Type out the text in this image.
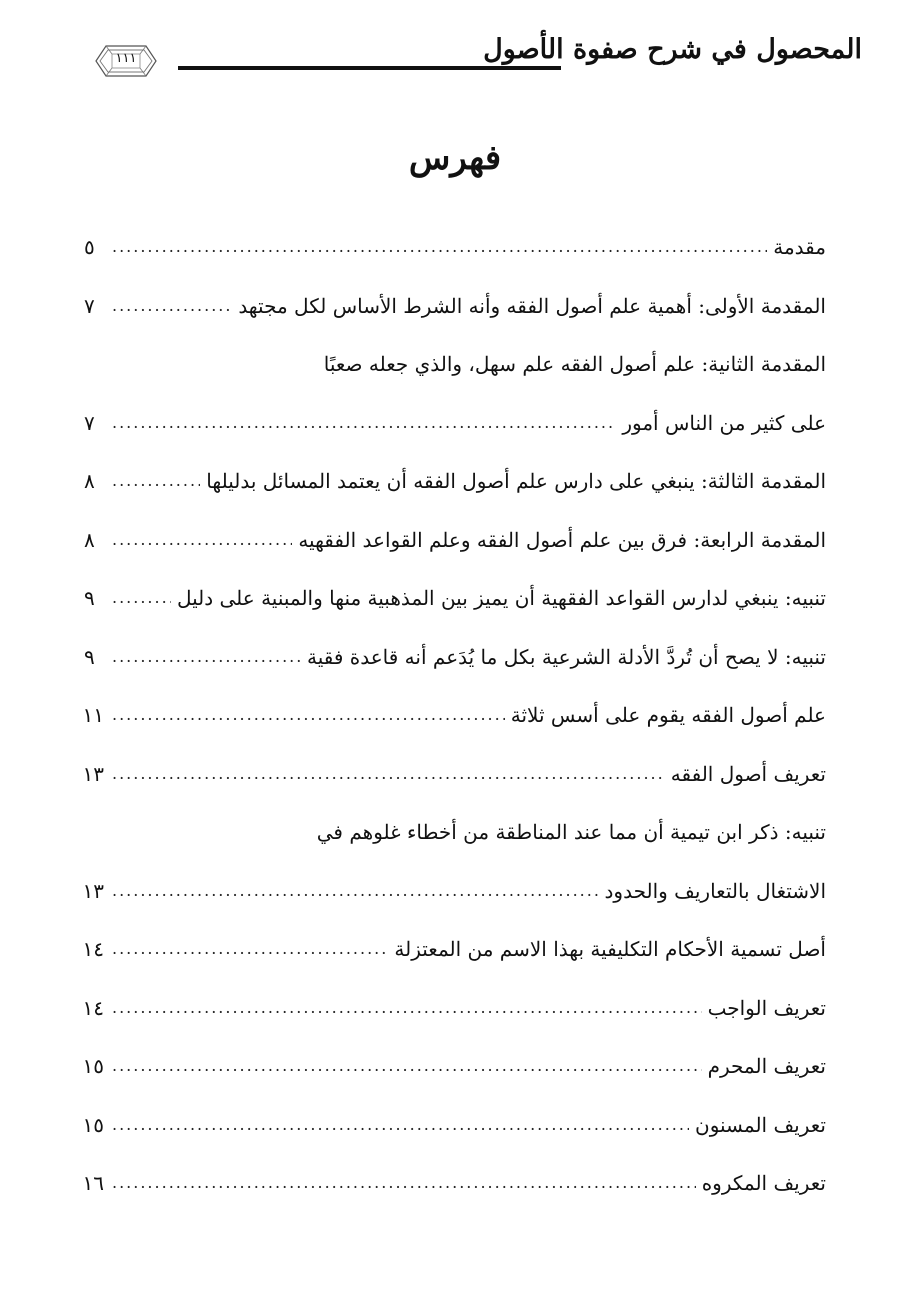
المحصول في شرح صفوة الأصول
١١١
فهرس
مقدمة
.....
٥
المقدمة الأولى: أهمية علم أصول الفقه وأنه الشرط الأساس لكل مجتهد
.....
٧
المقدمة الثانية: علم أصول الفقه علم سهل، والذي جعله صعبًا
على كثير من الناس أمور
.....
٧
المقدمة الثالثة: ينبغي على دارس علم أصول الفقه أن يعتمد المسائل بدليلها
.....
٨
المقدمة الرابعة: فرق بين علم أصول الفقه وعلم القواعد الفقهيه
.....
٨
تنبيه: ينبغي لدارس القواعد الفقهية أن يميز بين المذهبية منها والمبنية على دليل
.....
٩
تنبيه: لا يصح أن تُردَّ الأدلة الشرعية بكل ما يُدَعم أنه قاعدة فقية
.....
٩
علم أصول الفقه يقوم على أسس ثلاثة
.....
١١
تعريف أصول الفقه
.....
١٣
تنبيه: ذكر ابن تيمية أن مما عند المناطقة من أخطاء غلوهم في
الاشتغال بالتعاريف والحدود
.....
١٣
أصل تسمية الأحكام التكليفية بهذا الاسم من المعتزلة
.....
١٤
تعريف الواجب
.....
١٤
تعريف المحرم
.....
١٥
تعريف المسنون
.....
١٥
تعريف المكروه
.....
١٦
